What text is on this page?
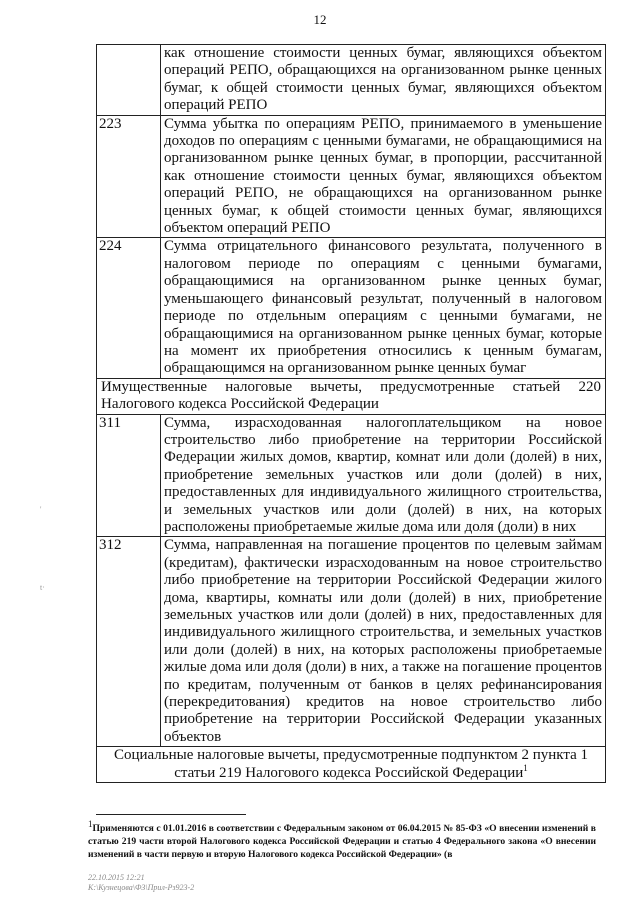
12
	как отношение стоимости ценных бумаг, являющихся объектом операций РЕПО, обращающихся на организованном рынке ценных бумаг, к общей стоимости ценных бумаг, являющихся объектом операций РЕПО
223	Сумма убытка по операциям РЕПО, принимаемого в уменьшение доходов по операциям с ценными бумагами, не обращающимися на организованном рынке ценных бумаг, в пропорции, рассчитанной как отношение стоимости ценных бумаг, являющихся объектом операций РЕПО, не обращающихся на организованном рынке ценных бумаг, к общей стоимости ценных бумаг, являющихся объектом операций РЕПО
224	Сумма отрицательного финансового результата, полученного в налоговом периоде по операциям с ценными бумагами, обращающимися на организованном рынке ценных бумаг, уменьшающего финансовый результат, полученный в налоговом периоде по отдельным операциям с ценными бумагами, не обращающимися на организованном рынке ценных бумаг, которые на момент их приобретения относились к ценным бумагам, обращающимся на организованном рынке ценных бумаг
Имущественные налоговые вычеты, предусмотренные статьей 220 Налогового кодекса Российской Федерации	
311	Сумма, израсходованная налогоплательщиком на новое строительство либо приобретение на территории Российской Федерации жилых домов, квартир, комнат или доли (долей) в них, приобретение земельных участков или доли (долей) в них, предоставленных для индивидуального жилищного строительства, и земельных участков или доли (долей) в них, на которых расположены приобретаемые жилые дома или доля (доли) в них
312	Сумма, направленная на погашение процентов по целевым займам (кредитам), фактически израсходованным на новое строительство либо приобретение на территории Российской Федерации жилого дома, квартиры, комнаты или доли (долей) в них, приобретение земельных участков или доли (долей) в них, предоставленных для индивидуального жилищного строительства, и земельных участков или доли (долей) в них, на которых расположены приобретаемые жилые дома или доля (доли) в них, а также на погашение процентов по кредитам, полученным от банков в целях рефинансирования (перекредитования) кредитов на новое строительство либо приобретение на территории Российской Федерации указанных объектов
Социальные налоговые вычеты, предусмотренные подпунктом 2 пункта 1 статьи 219 Налогового кодекса Российской Федерации$^1$
$^1$Применяются с 01.01.2016 в соответствии с Федеральным законом от 06.04.2015 № 85-ФЗ «О внесении изменений в статью 219 части второй Налогового кодекса Российской Федерации и статью 4 Федерального закона «О внесении изменений в части первую и вторую Налогового кодекса Российской Федерации» (в
22.10.2015 12:21
К:\Кузнецова\ФЗ\Прил-Рз923-2
'
t·
